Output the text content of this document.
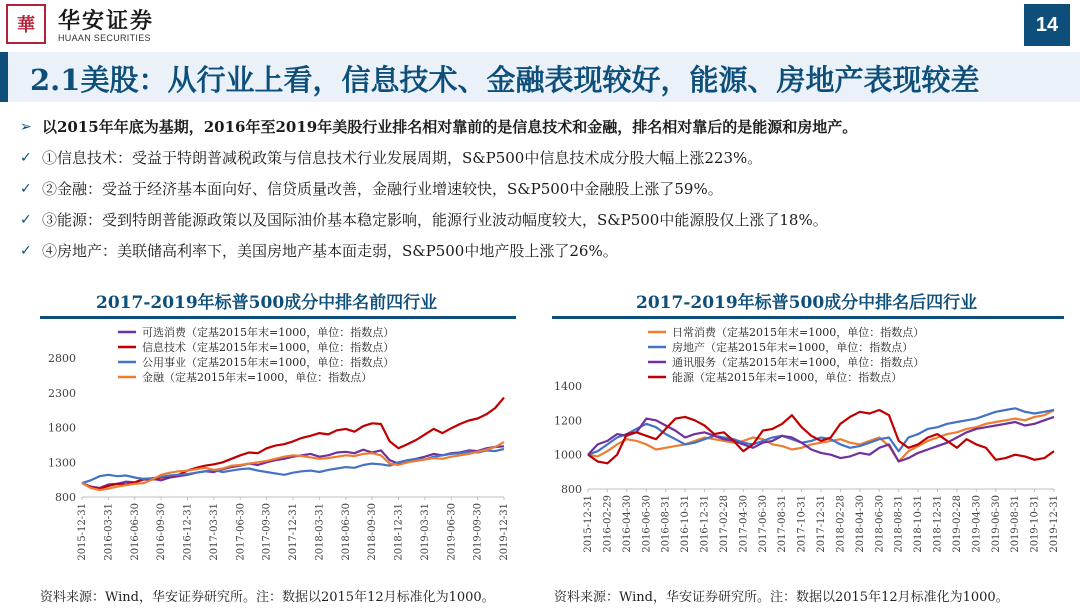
華 华安证券
HUAAN SECURITIES
14
2.1美股：从行业上看，信息技术、金融表现较好，能源、房地产表现较差
➢ 以2015年年底为基期，2016年至2019年美股行业排名相对靠前的是信息技术和金融，排名相对靠后的是能源和房地产。
✓ ①信息技术：受益于特朗普减税政策与信息技术行业发展周期，S&P500中信息技术成分股大幅上涨223%。
✓ ②金融：受益于经济基本面向好、信贷质量改善，金融行业增速较快，S&P500中金融股上涨了59%。
✓ ③能源：受到特朗普能源政策以及国际油价基本稳定影响，能源行业波动幅度较大，S&P500中能源股仅上涨了18%。
✓ ④房地产：美联储高利率下，美国房地产基本面走弱，S&P500中地产股上涨了26%。
2017-2019年标普500成分中排名前四行业
800
1300
1800
2300
2800
2015-12-31 2016-03-31 2016-06-30 2016-09-30 2016-12-31 2017-03-31 2017-06-30 2017-09-30 2017-12-31 2018-03-31 2018-06-30 2018-09-30 2018-12-31 2019-03-31 2019-06-30 2019-09-30 2019-12-31
可选消费（定基2015年末=1000，单位：指数点）
信息技术（定基2015年末=1000，单位：指数点）
公用事业（定基2015年末=1000，单位：指数点）
金融（定基2015年末=1000，单位：指数点）
资料来源：Wind，华安证券研究所。注：数据以2015年12月标准化为1000。
2017-2019年标普500成分中排名后四行业
800
1000
1200
1400
2015-12-31 2016-02-29 2016-04-30 2016-06-30 2016-08-31 2016-10-31 2016-12-31 2017-02-28 2017-04-30 2017-06-30 2017-08-31 2017-10-31 2017-12-31 2018-02-28 2018-04-30 2018-06-30 2018-08-31 2018-10-31 2018-12-31 2019-02-28 2019-04-30 2019-06-30 2019-08-31 2019-10-31 2019-12-31
日常消费（定基2015年末=1000，单位：指数点）
房地产（定基2015年末=1000，单位：指数点）
通讯服务（定基2015年末=1000，单位：指数点）
能源（定基2015年末=1000，单位：指数点）
资料来源：Wind，华安证券研究所。注：数据以2015年12月标准化为1000。
